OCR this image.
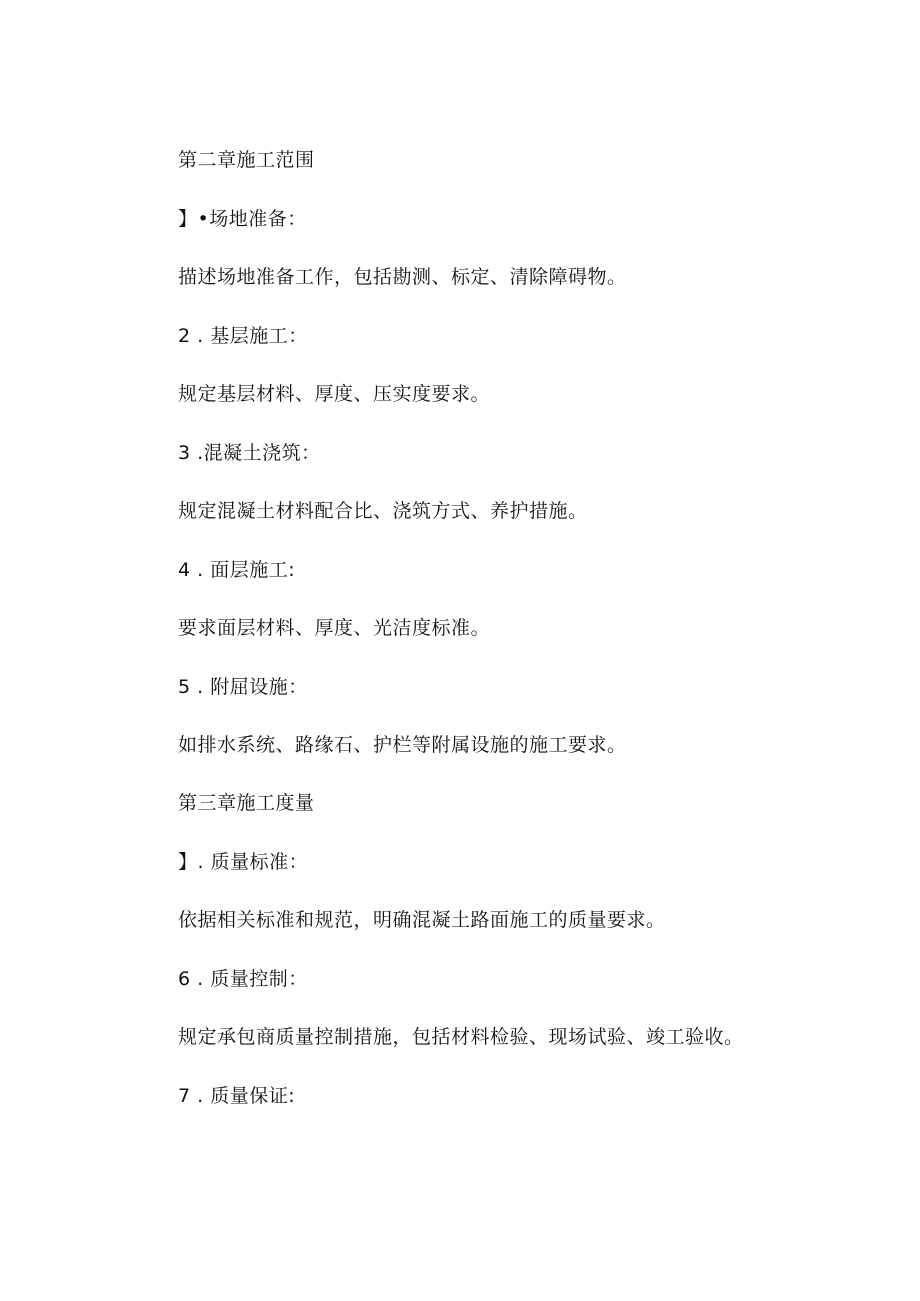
第二章施工范围
】•场地准备：
描述场地准备工作，包括勘测、标定、清除障碍物。
2 . 基层施工：
规定基层材料、厚度、压实度要求。
3 .混凝土浇筑：
规定混凝土材料配合比、浇筑方式、养护措施。
4 . 面层施工:
要求面层材料、厚度、光洁度标准。
5 . 附屈设施：
如排水系统、路缘石、护栏等附属设施的施工要求。
第三章施工度量
】. 质量标准：
依据相关标准和规范，明确混凝土路面施工的质量要求。
6 . 质量控制：
规定承包商质量控制措施，包括材料检验、现场试验、竣工验收。
7 . 质量保证:
